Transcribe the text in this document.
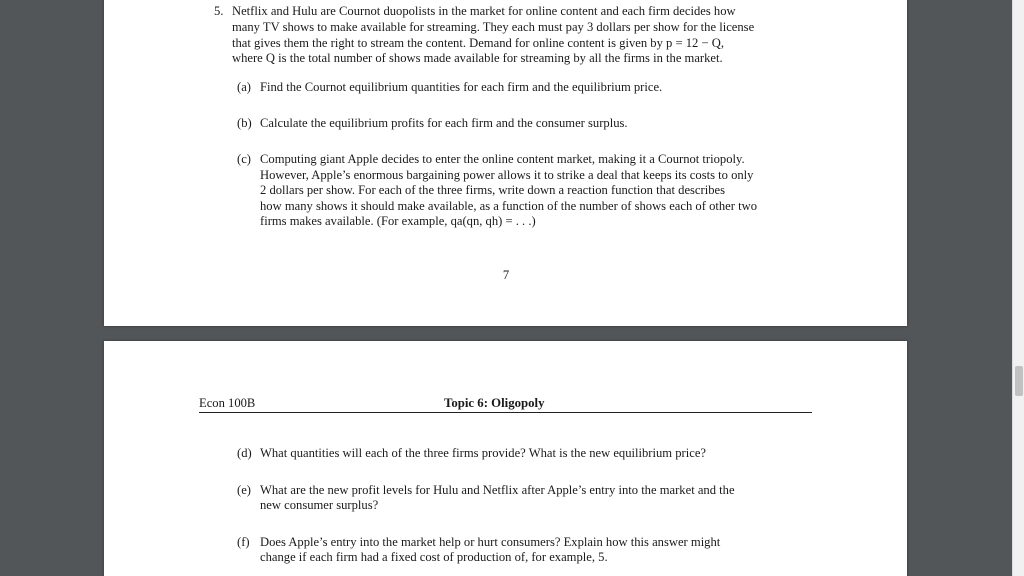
5. Netflix and Hulu are Cournot duopolists in the market for online content and each firm decides how
many TV shows to make available for streaming. They each must pay 3 dollars per show for the license
that gives them the right to stream the content. Demand for online content is given by p = 12 − Q,
where Q is the total number of shows made available for streaming by all the firms in the market.
(a) Find the Cournot equilibrium quantities for each firm and the equilibrium price.
(b) Calculate the equilibrium profits for each firm and the consumer surplus.
(c) Computing giant Apple decides to enter the online content market, making it a Cournot triopoly.
However, Apple’s enormous bargaining power allows it to strike a deal that keeps its costs to only
2 dollars per show. For each of the three firms, write down a reaction function that describes
how many shows it should make available, as a function of the number of shows each of other two
firms makes available. (For example, qa(qn, qh) = . . .)
7
Econ 100B	Topic 6: Oligopoly
(d) What quantities will each of the three firms provide? What is the new equilibrium price?
(e) What are the new profit levels for Hulu and Netflix after Apple’s entry into the market and the
new consumer surplus?
(f) Does Apple’s entry into the market help or hurt consumers? Explain how this answer might
change if each firm had a fixed cost of production of, for example, 5.
